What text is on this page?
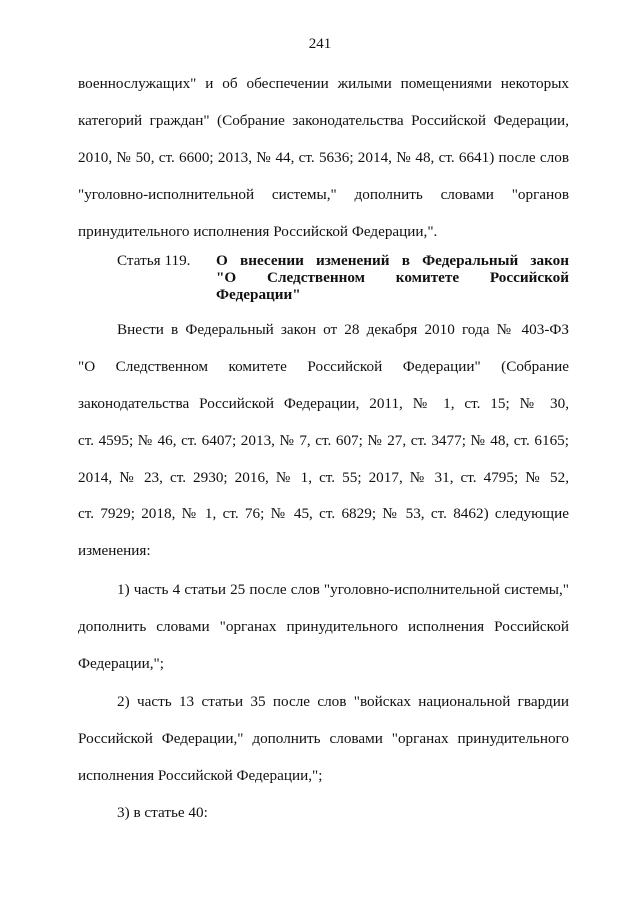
241
военнослужащих" и об обеспечении жилыми помещениями некоторых
категорий граждан" (Собрание законодательства Российской Федерации,
2010, № 50, ст. 6600; 2013, № 44, ст. 5636; 2014, № 48, ст. 6641) после слов
"уголовно-исполнительной системы," дополнить словами "органов
принудительного исполнения Российской Федерации,".
Статья 119. О внесении изменений в Федеральный закон
"О Следственном комитете Российской
Федерации"
Внести в Федеральный закон от 28 декабря 2010 года № 403-ФЗ
"О Следственном комитете Российской Федерации" (Собрание
законодательства Российской Федерации, 2011, № 1, ст. 15; № 30,
ст. 4595; № 46, ст. 6407; 2013, № 7, ст. 607; № 27, ст. 3477; № 48, ст. 6165;
2014, № 23, ст. 2930; 2016, № 1, ст. 55; 2017, № 31, ст. 4795; № 52,
ст. 7929; 2018, № 1, ст. 76; № 45, ст. 6829; № 53, ст. 8462) следующие
изменения:
1) часть 4 статьи 25 после слов "уголовно-исполнительной системы,"
дополнить словами "органах принудительного исполнения Российской
Федерации,";
2) часть 13 статьи 35 после слов "войсках национальной гвардии
Российской Федерации," дополнить словами "органах принудительного
исполнения Российской Федерации,";
3) в статье 40:
